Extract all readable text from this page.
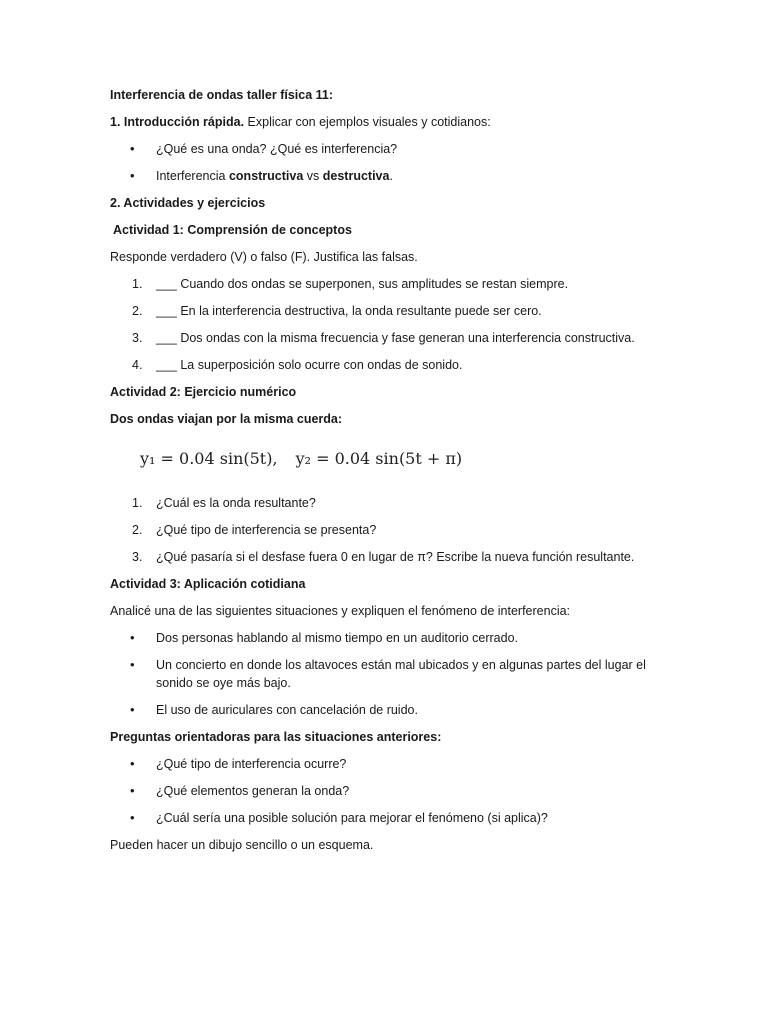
Interferencia de ondas taller física 11:

1. Introducción rápida. Explicar con ejemplos visuales y cotidianos:

• ¿Qué es una onda? ¿Qué es interferencia?
• Interferencia constructiva vs destructiva.

2. Actividades y ejercicios

Actividad 1: Comprensión de conceptos

Responde verdadero (V) o falso (F). Justifica las falsas.

1. ___ Cuando dos ondas se superponen, sus amplitudes se restan siempre.
2. ___ En la interferencia destructiva, la onda resultante puede ser cero.
3. ___ Dos ondas con la misma frecuencia y fase generan una interferencia constructiva.
4. ___ La superposición solo ocurre con ondas de sonido.

Actividad 2: Ejercicio numérico

Dos ondas viajan por la misma cuerda:

y₁ = 0.04 sin(5t), y₂ = 0.04 sin(5t + π)
1. ¿Cuál es la onda resultante?
2. ¿Qué tipo de interferencia se presenta?
3. ¿Qué pasaría si el desfase fuera 0 en lugar de π? Escribe la nueva función resultante.

Actividad 3: Aplicación cotidiana

Analicé una de las siguientes situaciones y expliquen el fenómeno de interferencia:

• Dos personas hablando al mismo tiempo en un auditorio cerrado.
• Un concierto en donde los altavoces están mal ubicados y en algunas partes del lugar el sonido se oye más bajo.
• El uso de auriculares con cancelación de ruido.

Preguntas orientadoras para las situaciones anteriores:

• ¿Qué tipo de interferencia ocurre?
• ¿Qué elementos generan la onda?
• ¿Cuál sería una posible solución para mejorar el fenómeno (si aplica)?

Pueden hacer un dibujo sencillo o un esquema.
